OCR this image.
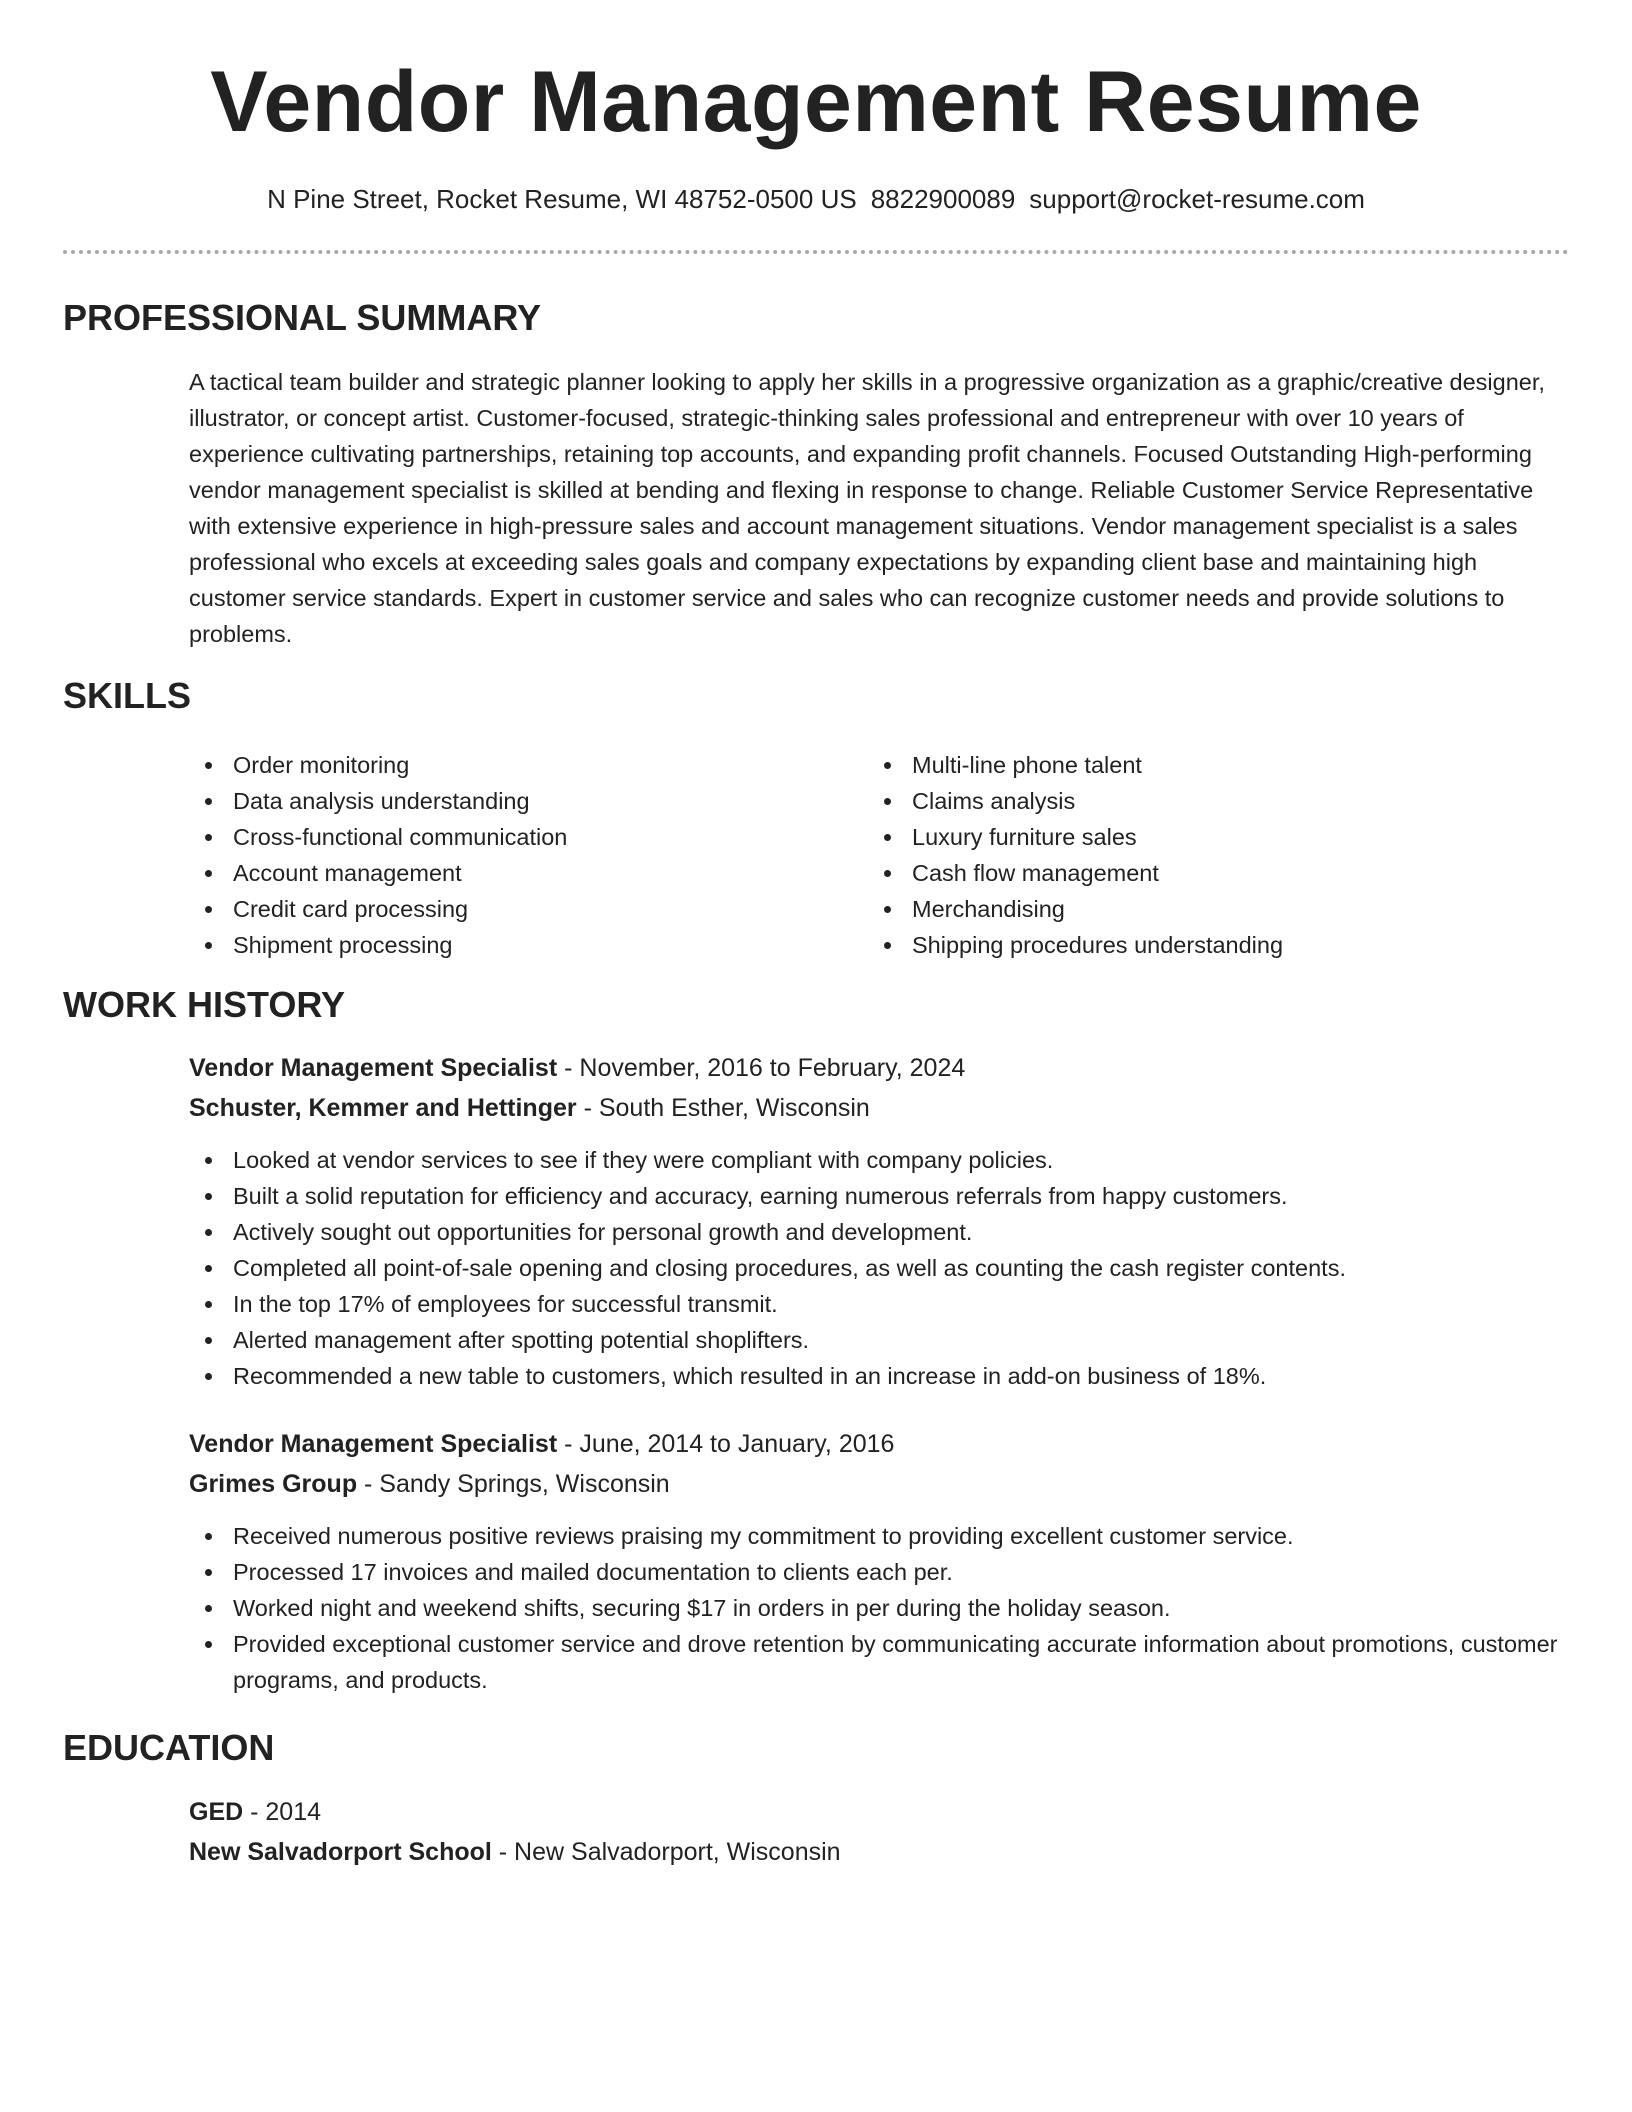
Vendor Management Resume
N Pine Street, Rocket Resume, WI 48752-0500 US 8822900089 support@rocket-resume.com
PROFESSIONAL SUMMARY

A tactical team builder and strategic planner looking to apply her skills in a progressive organization as a graphic/creative designer, illustrator, or concept artist. Customer-focused, strategic-thinking sales professional and entrepreneur with over 10 years of experience cultivating partnerships, retaining top accounts, and expanding profit channels. Focused Outstanding High-performing vendor management specialist is skilled at bending and flexing in response to change. Reliable Customer Service Representative with extensive experience in high-pressure sales and account management situations. Vendor management specialist is a sales professional who excels at exceeding sales goals and company expectations by expanding client base and maintaining high customer service standards. Expert in customer service and sales who can recognize customer needs and provide solutions to problems.

SKILLS
Order monitoring
Data analysis understanding
Cross-functional communication
Account management
Credit card processing
Shipment processing
Multi-line phone talent
Claims analysis
Luxury furniture sales
Cash flow management
Merchandising
Shipping procedures understanding
WORK HISTORY
Vendor Management Specialist - November, 2016 to February, 2024
Schuster, Kemmer and Hettinger - South Esther, Wisconsin
Looked at vendor services to see if they were compliant with company policies.
Built a solid reputation for efficiency and accuracy, earning numerous referrals from happy customers.
Actively sought out opportunities for personal growth and development.
Completed all point-of-sale opening and closing procedures, as well as counting the cash register contents.
In the top 17% of employees for successful transmit.
Alerted management after spotting potential shoplifters.
Recommended a new table to customers, which resulted in an increase in add-on business of 18%.
Vendor Management Specialist - June, 2014 to January, 2016
Grimes Group - Sandy Springs, Wisconsin
Received numerous positive reviews praising my commitment to providing excellent customer service.
Processed 17 invoices and mailed documentation to clients each per.
Worked night and weekend shifts, securing $17 in orders in per during the holiday season.
Provided exceptional customer service and drove retention by communicating accurate information about promotions, customer programs, and products.
EDUCATION
GED - 2014
New Salvadorport School - New Salvadorport, Wisconsin
